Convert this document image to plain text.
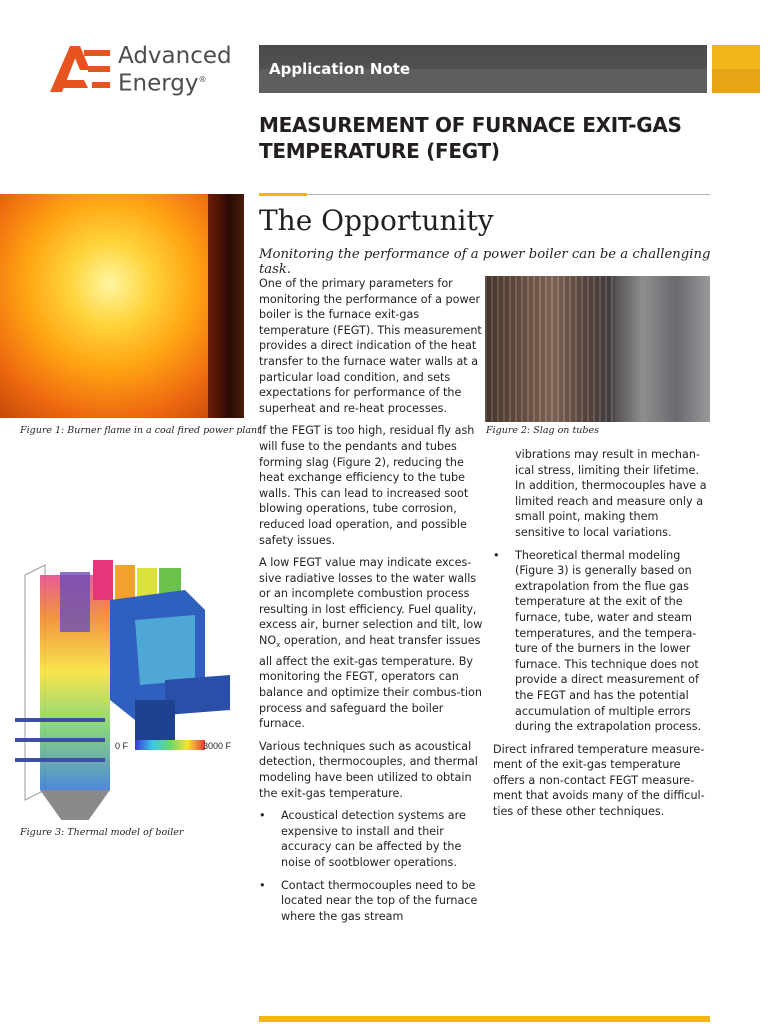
Advanced
Energy®
Application Note
MEASUREMENT OF FURNACE EXIT-GAS
TEMPERATURE (FEGT)
The Opportunity
Monitoring the performance of a power boiler can be a challenging task.
Figure 1: Burner flame in a coal fired power plant	Figure 2: Slag on tubes
0 F	3000 F
Figure 3: Thermal model of boiler

One of the primary parameters for monitoring the performance of a power boiler is the furnace exit-gas temperature (FEGT). This measurement provides a direct indication of the heat transfer to the furnace water walls at a particular load condition, and sets expectations for performance of the superheat and re-heat processes.

If the FEGT is too high, residual fly ash will fuse to the pendants and tubes forming slag (Figure 2), reducing the heat exchange efficiency to the tube walls. This can lead to increased soot blowing operations, tube corrosion, reduced load operation, and possible safety issues.

A low FEGT value may indicate exces-sive radiative losses to the water walls or an incomplete combustion process resulting in lost efficiency. Fuel quality, excess air, burner selection and tilt, low $NO_x$ operation, and heat transfer issues all affect the exit-gas temperature. By monitoring the FEGT, operators can balance and optimize their combus-tion process and safeguard the boiler furnace.

Various techniques such as acoustical detection, thermocouples, and thermal modeling have been utilized to obtain the exit-gas temperature.

•	Acoustical detection systems are expensive to install and their accuracy can be affected by the noise of sootblower operations.
•	Contact thermocouples need to be located near the top of the furnace where the gas stream
vibrations may result in mechan-ical stress, limiting their lifetime. In addition, thermocouples have a limited reach and measure only a small point, making them sensitive to local variations.
•	Theoretical thermal modeling (Figure 3) is generally based on extrapolation from the flue gas temperature at the exit of the furnace, tube, water and steam temperatures, and the tempera-ture of the burners in the lower furnace. This technique does not provide a direct measurement of the FEGT and has the potential accumulation of multiple errors during the extrapolation process.

Direct infrared temperature measure-ment of the exit-gas temperature offers a non-contact FEGT measure-ment that avoids many of the difficul-ties of these other techniques.
